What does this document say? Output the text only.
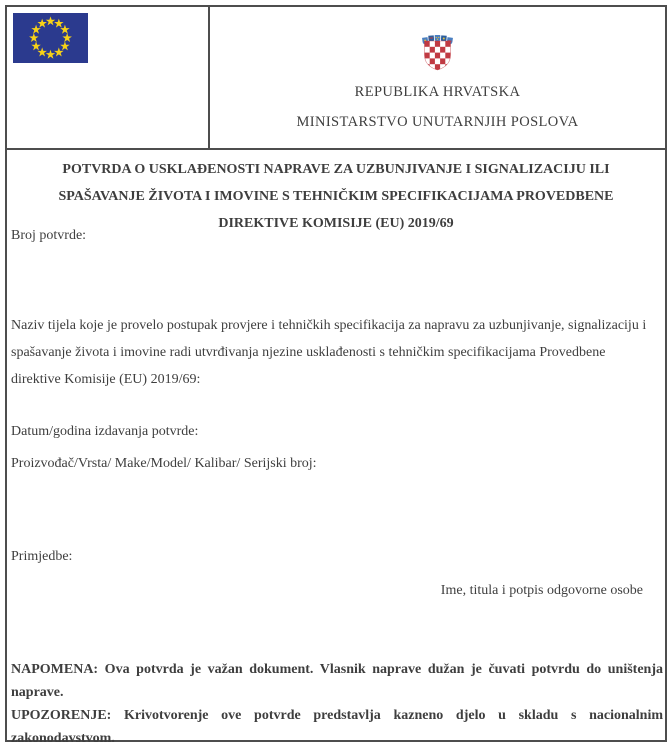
REPUBLIKA HRVATSKA
MINISTARSTVO UNUTARNJIH POSLOVA
POTVRDA O USKLAĐENOSTI NAPRAVE ZA UZBUNJIVANJE I SIGNALIZACIJU ILI SPAŠAVANJE ŽIVOTA I IMOVINE S TEHNIČKIM SPECIFIKACIJAMA PROVEDBENE DIREKTIVE KOMISIJE (EU) 2019/69
Broj potvrde:
Naziv tijela koje je provelo postupak provjere i tehničkih specifikacija za napravu za uzbunjivanje, signalizaciju i spašavanje života i imovine radi utvrđivanja njezine usklađenosti s tehničkim specifikacijama Provedbene direktive Komisije (EU) 2019/69:
Datum/godina izdavanja potvrde:
Proizvođač/Vrsta/ Make/Model/ Kalibar/ Serijski broj:
Primjedbe:
Ime, titula i potpis odgovorne osobe
NAPOMENA: Ova potvrda je važan dokument. Vlasnik naprave dužan je čuvati potvrdu do uništenja naprave.
UPOZORENJE: Krivotvorenje ove potvrde predstavlja kazneno djelo u skladu s nacionalnim zakonodavstvom.
